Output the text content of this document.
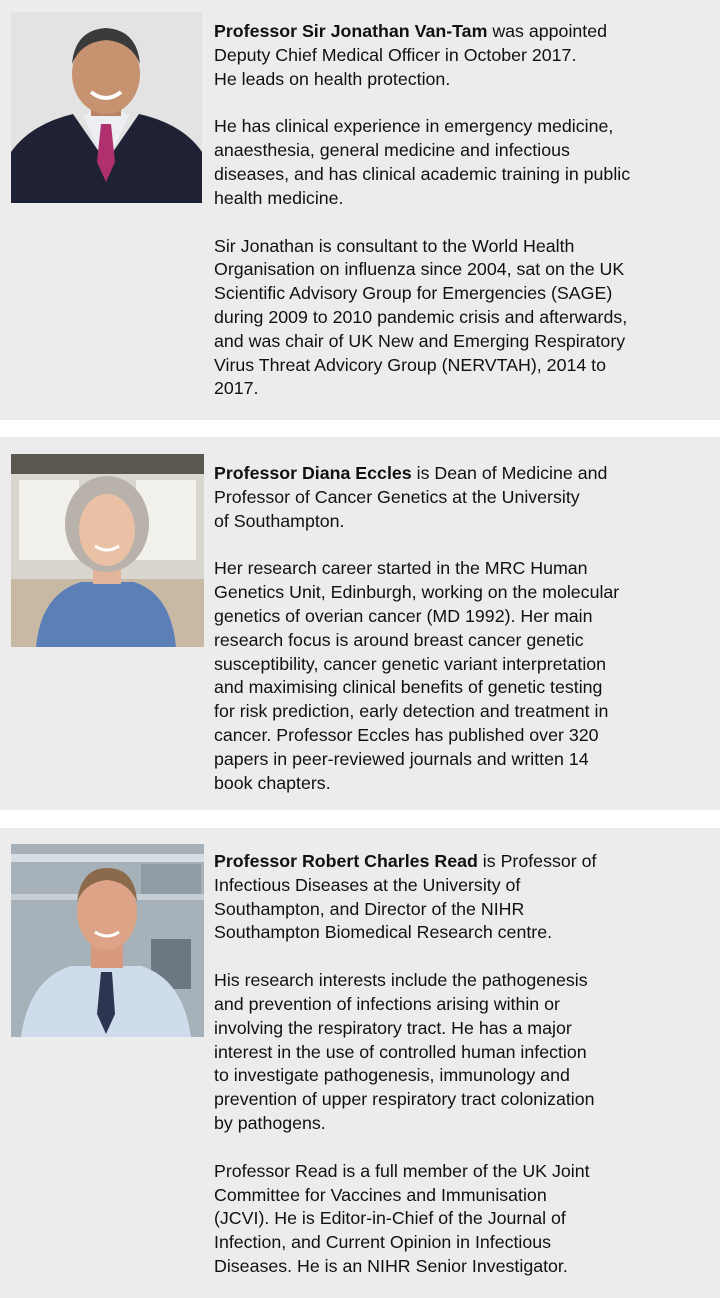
Professor Sir Jonathan Van-Tam was appointed
Deputy Chief Medical Officer in October 2017.
He leads on health protection.

He has clinical experience in emergency medicine,
anaesthesia, general medicine and infectious
diseases, and has clinical academic training in public
health medicine.

Sir Jonathan is consultant to the World Health
Organisation on influenza since 2004, sat on the UK
Scientific Advisory Group for Emergencies (SAGE)
during 2009 to 2010 pandemic crisis and afterwards,
and was chair of UK New and Emerging Respiratory
Virus Threat Advicory Group (NERVTAH), 2014 to
2017.

Professor Diana Eccles is Dean of Medicine and
Professor of Cancer Genetics at the University
of Southampton.

Her research career started in the MRC Human
Genetics Unit, Edinburgh, working on the molecular
genetics of overian cancer (MD 1992). Her main
research focus is around breast cancer genetic
susceptibility, cancer genetic variant interpretation
and maximising clinical benefits of genetic testing
for risk prediction, early detection and treatment in
cancer. Professor Eccles has published over 320
papers in peer-reviewed journals and written 14
book chapters.

Professor Robert Charles Read is Professor of
Infectious Diseases at the University of
Southampton, and Director of the NIHR
Southampton Biomedical Research centre.

His research interests include the pathogenesis
and prevention of infections arising within or
involving the respiratory tract. He has a major
interest in the use of controlled human infection
to investigate pathogenesis, immunology and
prevention of upper respiratory tract colonization
by pathogens.

Professor Read is a full member of the UK Joint
Committee for Vaccines and Immunisation
(JCVI). He is Editor-in-Chief of the Journal of
Infection, and Current Opinion in Infectious
Diseases. He is an NIHR Senior Investigator.
